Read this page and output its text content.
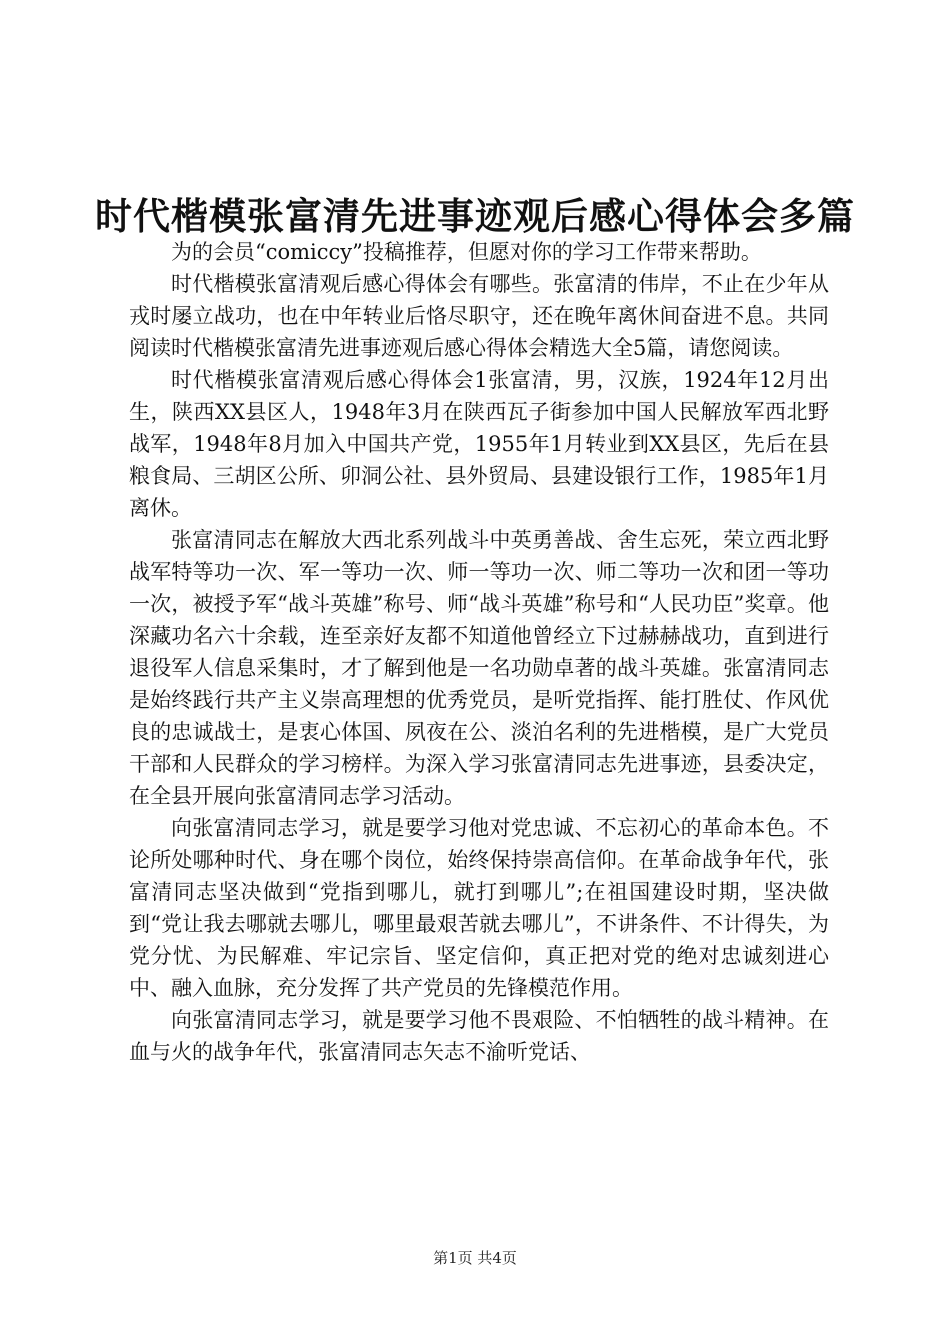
时代楷模张富清先进事迹观后感心得体会多篇

为的会员“comiccy”投稿推荐，但愿对你的学习工作带来帮助。

时代楷模张富清观后感心得体会有哪些。张富清的伟岸，不止在少年从戎时屡立战功，也在中年转业后恪尽职守，还在晚年离休间奋进不息。共同阅读时代楷模张富清先进事迹观后感心得体会精选大全5篇，请您阅读。

时代楷模张富清观后感心得体会1张富清，男，汉族，1924年12月出生，陕西XX县区人，1948年3月在陕西瓦子街参加中国人民解放军西北野战军，1948年8月加入中国共产党，1955年1月转业到XX县区，先后在县粮食局、三胡区公所、卯洞公社、县外贸局、县建设银行工作，1985年1月离休。

张富清同志在解放大西北系列战斗中英勇善战、舍生忘死，荣立西北野战军特等功一次、军一等功一次、师一等功一次、师二等功一次和团一等功一次，被授予军“战斗英雄”称号、师“战斗英雄”称号和“人民功臣”奖章。他深藏功名六十余载，连至亲好友都不知道他曾经立下过赫赫战功，直到进行退役军人信息采集时，才了解到他是一名功勋卓著的战斗英雄。张富清同志是始终践行共产主义崇高理想的优秀党员，是听党指挥、能打胜仗、作风优良的忠诚战士，是衷心体国、夙夜在公、淡泊名利的先进楷模，是广大党员干部和人民群众的学习榜样。为深入学习张富清同志先进事迹，县委决定，在全县开展向张富清同志学习活动。

向张富清同志学习，就是要学习他对党忠诚、不忘初心的革命本色。不论所处哪种时代、身在哪个岗位，始终保持崇高信仰。在革命战争年代，张富清同志坚决做到“党指到哪儿，就打到哪儿”;在祖国建设时期，坚决做到“党让我去哪就去哪儿，哪里最艰苦就去哪儿”，不讲条件、不计得失，为党分忧、为民解难、牢记宗旨、坚定信仰，真正把对党的绝对忠诚刻进心中、融入血脉，充分发挥了共产党员的先锋模范作用。

向张富清同志学习，就是要学习他不畏艰险、不怕牺牲的战斗精神。在血与火的战争年代，张富清同志矢志不渝听党话、

第1页 共4页
